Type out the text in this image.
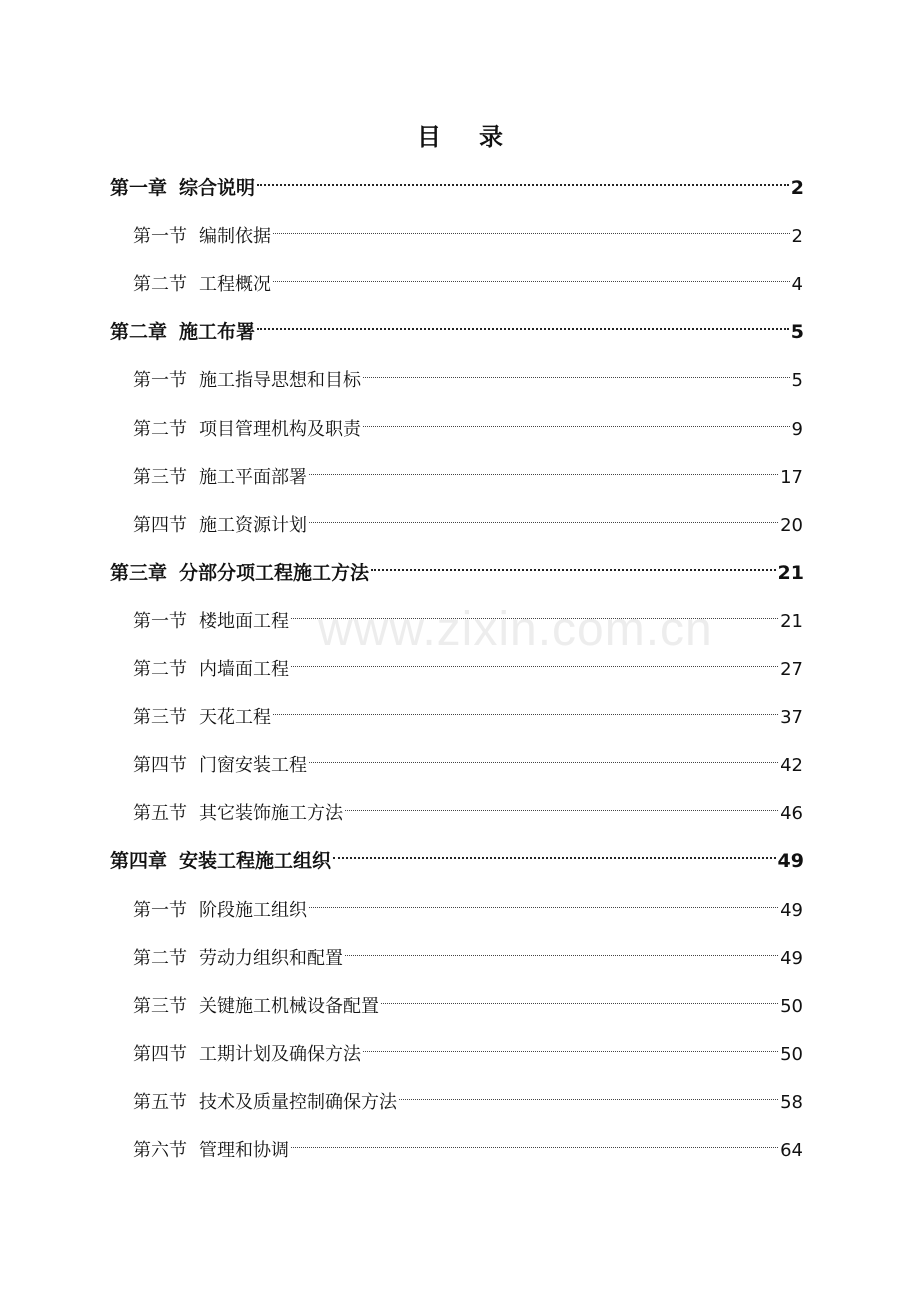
目 录
第一章 综合说明	2
第一节 编制依据	2
第二节 工程概况	4
第二章 施工布署	5
第一节 施工指导思想和目标	5
第二节 项目管理机构及职责	9
第三节 施工平面部署	17
第四节 施工资源计划	20
第三章 分部分项工程施工方法	21
第一节 楼地面工程	21
第二节 内墙面工程	27
第三节 天花工程	37
第四节 门窗安装工程	42
第五节 其它装饰施工方法	46
第四章 安装工程施工组织	49
第一节 阶段施工组织	49
第二节 劳动力组织和配置	49
第三节 关键施工机械设备配置	50
第四节 工期计划及确保方法	50
第五节 技术及质量控制确保方法	58
第六节 管理和协调	64
www.zixin.com.cn
